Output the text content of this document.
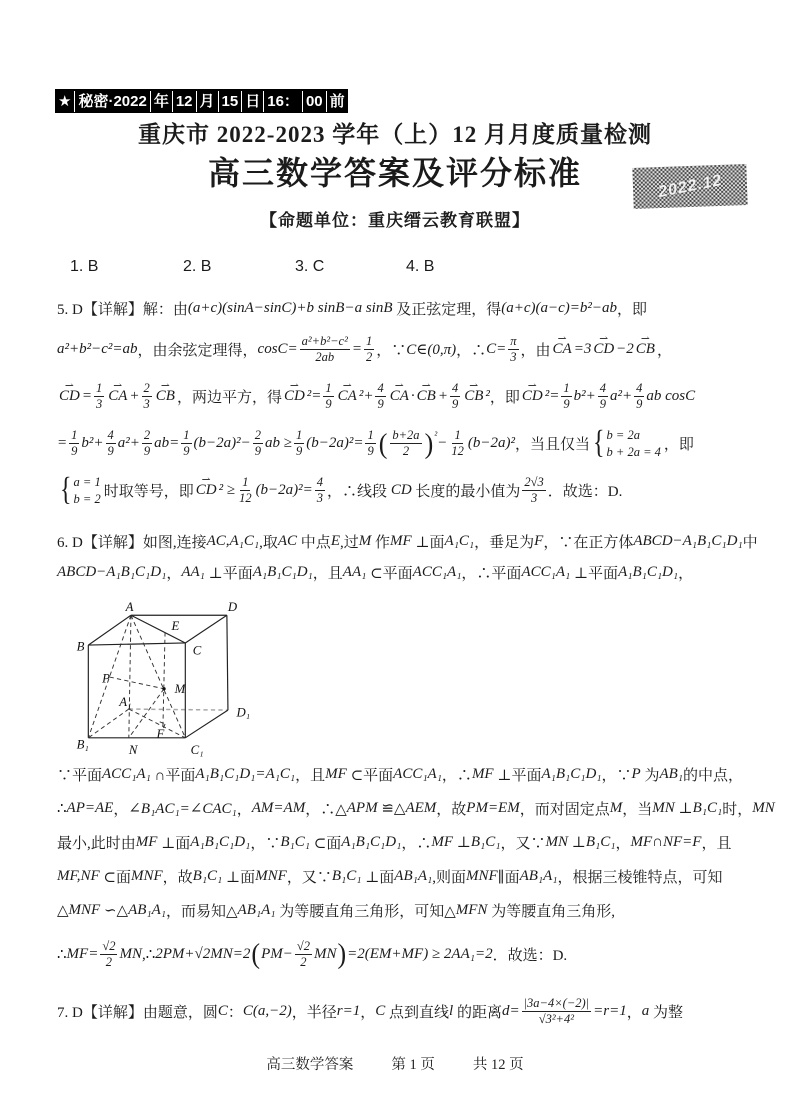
★ 秘密·2022 年 12 月 15 日 16： 00 前
重庆市 2022-2023 学年（上）12 月月度质量检测
高三数学答案及评分标准	2022.12
【命题单位：重庆缙云教育联盟】
1. B	2. B	3. C	4. B
5. D【详解】解：由 (a+c)(sinA−sinC)+b sinB−a sinB 及正弦定理，得 (a+c)(a−c)=b²−ab ，即
a²+b²−c²=ab ，由余弦定理得， $\cos C= \frac{\text{a²+b²−c²}}{2ab} = \frac{1}{2}$ ，∵ C∈(0,π) ，∴ $C= \frac{\pi}{3}$ ，由 ⇀ CA =3 ⇀ CD −2 ⇀ CB ，
⇀ CD = $\frac{1}{3}$ ⇀ CA + $\frac{2}{3}$ ⇀ CB ，两边平方，得 ⇀ CD $^2= \frac{1}{9}$ ⇀ CA $^2+ \frac{4}{9}$ ⇀ CA · ⇀ CB + $\frac{4}{9}$ ⇀ CB ² ，即 ⇀ CD $^2= \frac{1}{9} b^2+ \frac{4}{9} a^2+ \frac{4}{9}$ ab cosC
= $\frac{1}{9} b^2+ \frac{4}{9} a^2+ \frac{2}{9} ab= \frac{1}{9} (b-2a)^2- \frac{2}{9}$ ab ≥ $\frac{1}{9} (b-2a)^2= \frac{1}{9}$ ( $\frac{b+2a}{2}$ ) $^2 - \frac{1}{12} (b-2a)^2$ ，当且仅当 { b = 2a
b + 2a = 4 ，即
{ a = 1
b = 2 时取等号，即 ⇀ CD $^2 \ge \frac{1}{12} (b-2a)^2= \frac{4}{3}$ ，∴线段 CD 长度的最小值为 $\frac{2√3}{3}$ ．故选：D.
6. D【详解】如图,连接 AC,A₁C₁ ,取 AC 中点 E ,过 M 作 MF ⊥面 A₁C₁ ，垂足为 F ，∵在正方体 ABCD−A₁B₁C₁D₁ 中
ABCD−A₁B₁C₁D₁ ， AA₁ ⊥平面 A₁B₁C₁D₁ ，且 AA₁ ⊂平面 ACC₁A₁ ，∴平面 ACC₁A₁ ⊥平面 A₁B₁C₁D₁ ，
A	D
B
E
C
P
M
A₁
D₁
B₁	N	C₁
F
∵平面 ACC₁A₁ ∩平面 A₁B₁C₁D₁ =A₁C₁ ，且 MF ⊂平面 ACC₁A₁ ，∴ MF ⊥平面 A₁B₁C₁D₁ ，∵ P 为 AB₁ 的中点，
∴ AP=AE ， ∠B₁AC₁=∠CAC₁ ， AM=AM ，∴△ APM ≌△ AEM ，故 PM=EM ，而对固定点 M ，当 MN ⊥ B₁C₁ 时， MN
最小,此时由 MF ⊥面 A₁B₁C₁D₁ ，∵ B₁C₁ ⊂面 A₁B₁C₁D₁ ，∴ MF ⊥ B₁C₁ ，又∵ MN ⊥ B₁C₁ ， MF ∩ NF=F ，且
MF,NF ⊂面 MNF ，故 B₁C₁ ⊥面 MNF ，又∵ B₁C₁ ⊥面 AB₁A₁ ,则面 MNF ∥面 AB₁A₁ ，根据三棱锥特点，可知
△ MNF ∽△ AB₁A₁ ，而易知△ AB₁A₁ 为等腰直角三角形，可知△ MFN 为等腰直角三角形,
∴ $MF= \frac{√2}{2}$ MN ,∴ 2PM+√2MN=2 ( $PM- \frac{√2}{2}$ MN ) =2(EM+MF) ≥ 2AA₁=2 ．故选：D.
7. D【详解】由题意，圆 C ： C(a,−2) ，半径 r=1 ， C 点到直线 l 的距离 $d= \frac{|3a-4\times(-2)|}{\text{√3²+4²}} =r=1$ ， a 为整
高三数学答案	第 1 页	共 12 页
